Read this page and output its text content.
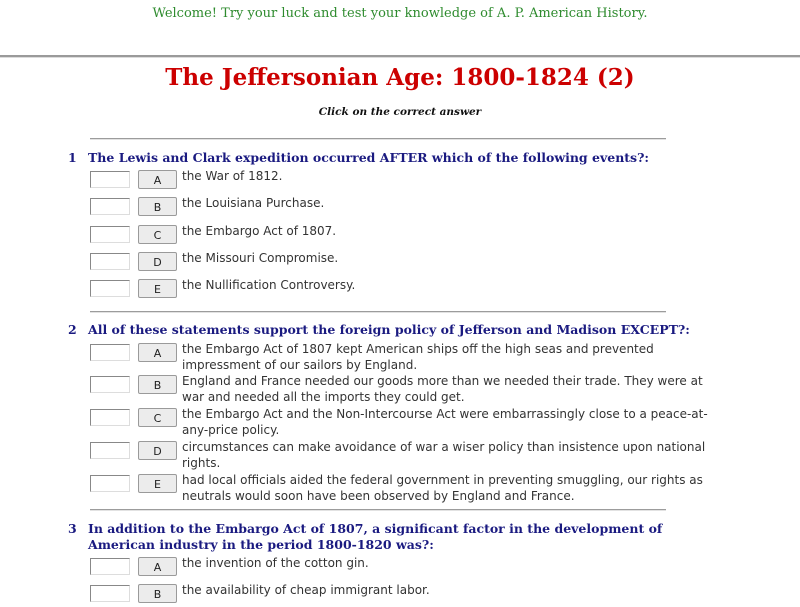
Welcome! Try your luck and test your knowledge of A. P. American History.
The Jeffersonian Age: 1800-1824 (2)
Click on the correct answer
1 The Lewis and Clark expedition occurred AFTER which of the following events?:
A	the War of 1812.
B	the Louisiana Purchase.
C	the Embargo Act of 1807.
D	the Missouri Compromise.
E	the Nullification Controversy.
2 All of these statements support the foreign policy of Jefferson and Madison EXCEPT?:
A	the Embargo Act of 1807 kept American ships off the high seas and prevented impressment of our sailors by England.
B	England and France needed our goods more than we needed their trade. They were at war and needed all the imports they could get.
C	the Embargo Act and the Non-Intercourse Act were embarrassingly close to a peace-at-any-price policy.
D	circumstances can make avoidance of war a wiser policy than insistence upon national rights.
E	had local officials aided the federal government in preventing smuggling, our rights as neutrals would soon have been observed by England and France.
3 In addition to the Embargo Act of 1807, a significant factor in the development of American industry in the period 1800-1820 was?:
A	the invention of the cotton gin.
B	the availability of cheap immigrant labor.
